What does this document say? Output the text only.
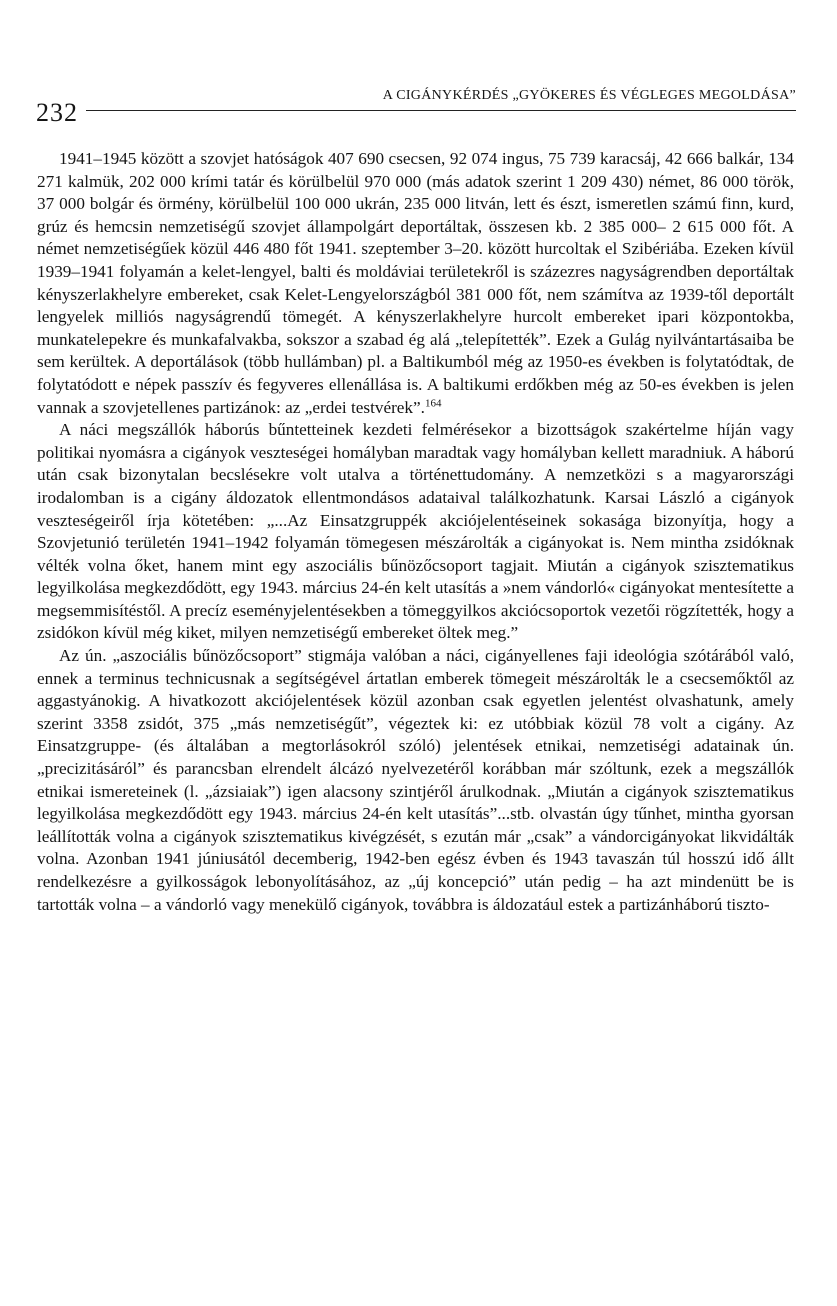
232
A CIGÁNYKÉRDÉS „GYÖKERES ÉS VÉGLEGES MEGOLDÁSA”

1941–1945 között a szovjet hatóságok 407 690 csecsen, 92 074 ingus, 75 739 karacsáj, 42 666 balkár, 134 271 kalmük, 202 000 krími tatár és körülbelül 970 000 (más adatok szerint 1 209 430) német, 86 000 török, 37 000 bolgár és örmény, körülbelül 100 000 ukrán, 235 000 litván, lett és észt, ismeretlen számú finn, kurd, grúz és hemcsin nemzetiségű szovjet állampolgárt deportáltak, összesen kb. 2 385 000– 2 615 000 főt. A német nemzetiségűek közül 446 480 főt 1941. szeptember 3–20. között hurcoltak el Szibériába. Ezeken kívül 1939–1941 folyamán a kelet-lengyel, balti és moldáviai területekről is százezres nagyságrendben deportáltak kényszerlakhelyre embereket, csak Kelet-Lengyelországból 381 000 főt, nem számítva az 1939-től deportált lengyelek milliós nagyságrendű tömegét. A kényszerlakhelyre hurcolt embereket ipari központokba, munkatelepekre és munkafalvakba, sokszor a szabad ég alá „telepítették”. Ezek a Gulág nyilvántartásaiba be sem kerültek. A deportálások (több hullámban) pl. a Baltikumból még az 1950-es években is folytatódtak, de folytatódott e népek passzív és fegyveres ellenállása is. A baltikumi erdőkben még az 50-es években is jelen vannak a szovjetellenes partizánok: az „erdei testvérek”.$^{164}$

A náci megszállók háborús bűntetteinek kezdeti felmérésekor a bizottságok szakértelme híján vagy politikai nyomásra a cigányok veszteségei homályban maradtak vagy homályban kellett maradniuk. A háború után csak bizonytalan becslésekre volt utalva a történettudomány. A nemzetközi s a magyarországi irodalomban is a cigány áldozatok ellentmondásos adataival találkozhatunk. Karsai László a cigányok veszteségeiről írja kötetében: „...Az Einsatzgruppék akciójelentéseinek sokasága bizonyítja, hogy a Szovjetunió területén 1941–1942 folyamán tömegesen mészárolták a cigányokat is. Nem mintha zsidóknak vélték volna őket, hanem mint egy aszociális bűnözőcsoport tagjait. Miután a cigányok szisztematikus legyilkolása megkezdődött, egy 1943. március 24-én kelt utasítás a »nem vándorló« cigányokat mentesítette a megsemmisítéstől. A precíz eseményjelentésekben a tömeggyilkos akciócsoportok vezetői rögzítették, hogy a zsidókon kívül még kiket, milyen nemzetiségű embereket öltek meg.”

Az ún. „aszociális bűnözőcsoport” stigmája valóban a náci, cigányellenes faji ideológia szótárából való, ennek a terminus technicusnak a segítségével ártatlan emberek tömegeit mészárolták le a csecsemőktől az aggastyánokig. A hivatkozott akciójelentések közül azonban csak egyetlen jelentést olvashatunk, amely szerint 3358 zsidót, 375 „más nemzetiségűt”, végeztek ki: ez utóbbiak közül 78 volt a cigány. Az Einsatzgruppe- (és általában a megtorlásokról szóló) jelentések etnikai, nemzetiségi adatainak ún. „precizitásáról” és parancsban elrendelt álcázó nyelvezetéről korábban már szóltunk, ezek a megszállók etnikai ismereteinek (l. „ázsiaiak”) igen alacsony szintjéről árulkodnak. „Miután a cigányok szisztematikus legyilkolása megkezdődött egy 1943. március 24-én kelt utasítás”...stb. olvastán úgy tűnhet, mintha gyorsan leállították volna a cigányok szisztematikus kivégzését, s ezután már „csak” a vándorcigányokat likvidálták volna. Azonban 1941 júniusától decemberig, 1942-ben egész évben és 1943 tavaszán túl hosszú idő állt rendelkezésre a gyilkosságok lebonyolításához, az „új koncepció” után pedig – ha azt mindenütt be is tartották volna – a vándorló vagy menekülő cigányok, továbbra is áldozatául estek a partizánháború tiszto-
